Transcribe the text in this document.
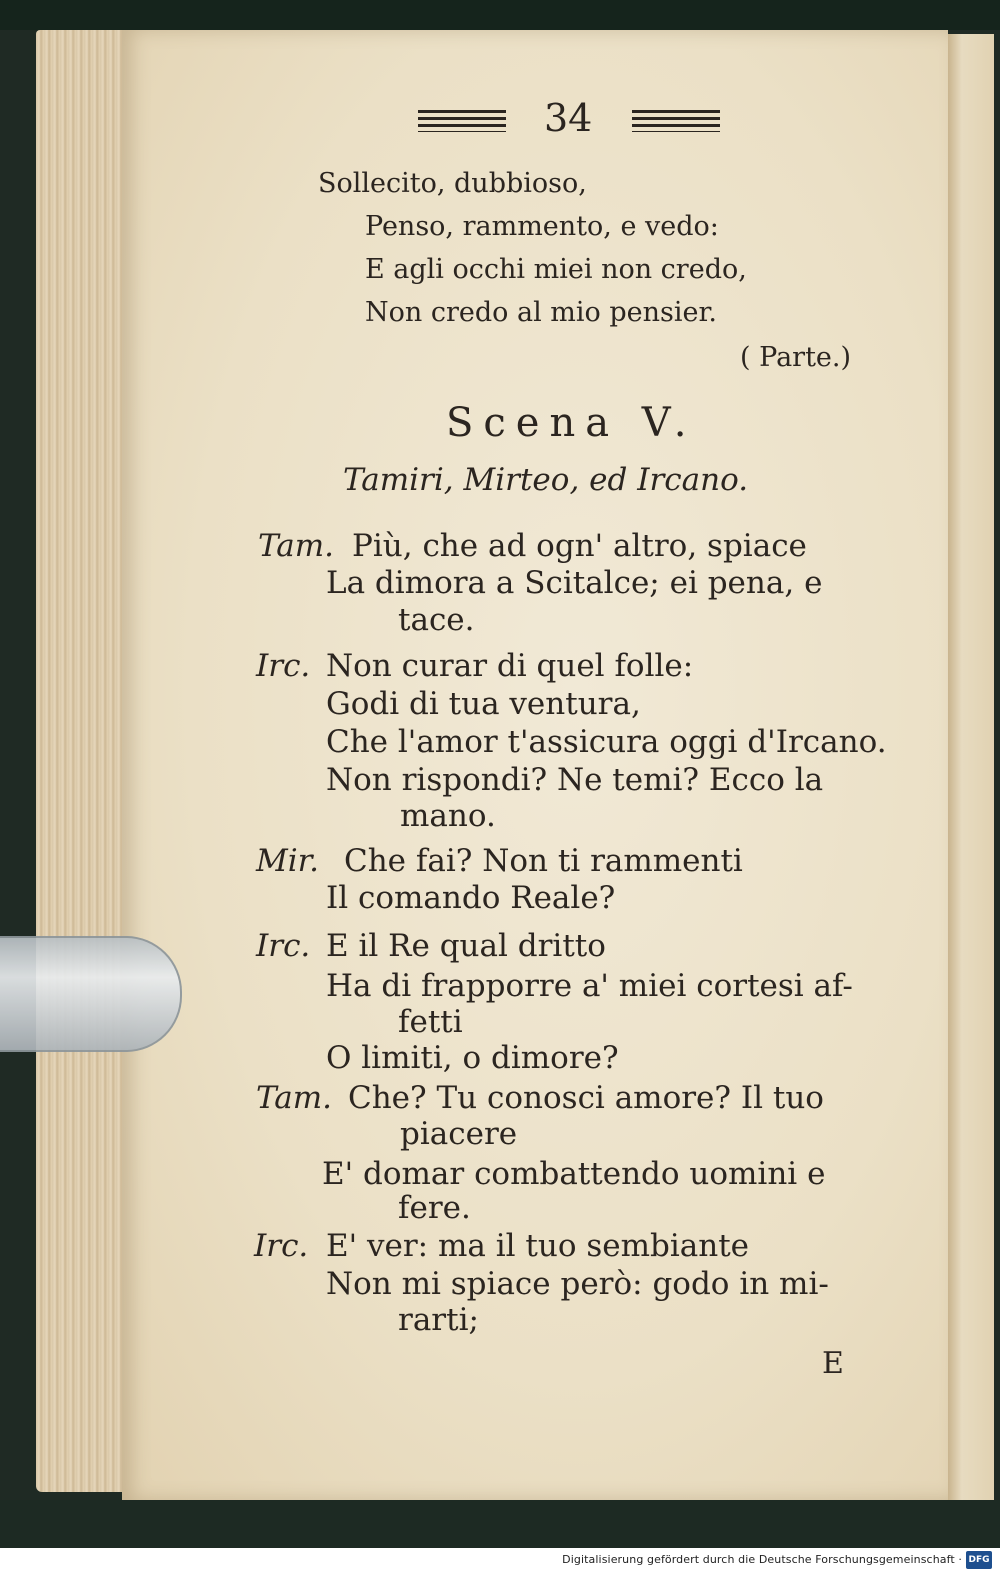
34
Sollecito, dubbioso,
Penso, rammento, e vedo:
E agli occhi miei non credo,
Non credo al mio pensier.
( Parte.)
Scena V.
Tamiri, Mirteo, ed Ircano.
Tam. Più, che ad ogn' altro, spiace
La dimora a Scitalce; ei pena, e
tace.
Irc. Non curar di quel folle:
Godi di tua ventura,
Che l'amor t'assicura oggi d'Ircano.
Non rispondi? Ne temi? Ecco la
mano.
Mir. Che fai? Non ti rammenti
Il comando Reale?
Irc. E il Re qual dritto
Ha di frapporre a' miei cortesi af-
fetti
O limiti, o dimore?
Tam. Che? Tu conosci amore? Il tuo
piacere
E' domar combattendo uomini e
fere.
Irc. E' ver: ma il tuo sembiante
Non mi spiace però: godo in mi-
rarti;
E
Digitalisierung gefördert durch die Deutsche Forschungsgemeinschaft · DFG
